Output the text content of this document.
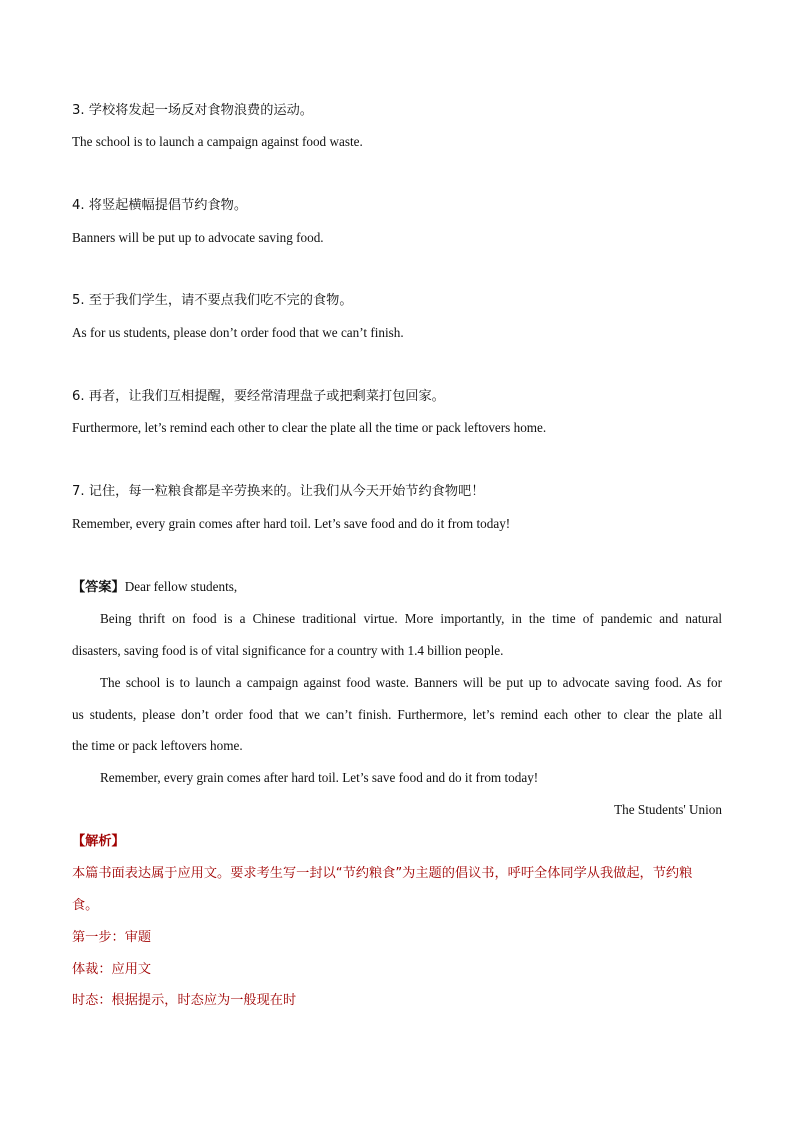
3. 学校将发起一场反对食物浪费的运动。
The school is to launch a campaign against food waste.
4. 将竖起横幅提倡节约食物。
Banners will be put up to advocate saving food.
5. 至于我们学生，请不要点我们吃不完的食物。
As for us students, please don’t order food that we can’t finish.
6. 再者，让我们互相提醒，要经常清理盘子或把剩菜打包回家。
Furthermore, let’s remind each other to clear the plate all the time or pack leftovers home.
7. 记住，每一粒粮食都是辛劳换来的。让我们从今天开始节约食物吧！
Remember, every grain comes after hard toil. Let’s save food and do it from today!
【答案】Dear fellow students,
Being thrift on food is a Chinese traditional virtue. More importantly, in the time of pandemic and natural
disasters, saving food is of vital significance for a country with 1.4 billion people.
The school is to launch a campaign against food waste. Banners will be put up to advocate saving food. As for
us students, please don’t order food that we can’t finish. Furthermore, let’s remind each other to clear the plate all
the time or pack leftovers home.
Remember, every grain comes after hard toil. Let’s save food and do it from today!
The Students' Union
【解析】
本篇书面表达属于应用文。要求考生写一封以“节约粮食”为主题的倡议书，呼吁全体同学从我做起，节约粮
食。
第一步：审题
体裁：应用文
时态：根据提示，时态应为一般现在时
